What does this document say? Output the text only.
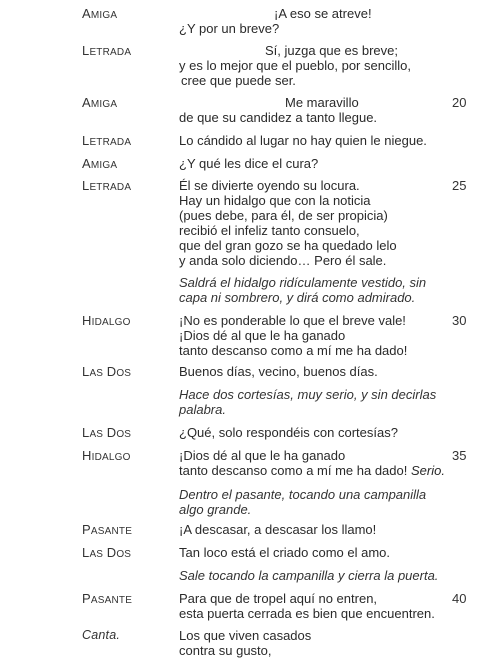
AMIGA	¡A eso se atreve!
¿Y por un breve?
LETRADA	Sí, juzga que es breve;
y es lo mejor que el pueblo, por sencillo,
cree que puede ser.
AMIGA	Me maravillo
de que su candidez a tanto llegue.
20
LETRADA	Lo cándido al lugar no hay quien le niegue.
AMIGA	¿Y qué les dice el cura?
LETRADA	Él se divierte oyendo su locura.
Hay un hidalgo que con la noticia
(pues debe, para él, de ser propicia)
recibió el infeliz tanto consuelo,
que del gran gozo se ha quedado lelo
y anda solo diciendo… Pero él sale.
25
Saldrá el hidalgo ridículamente vestido, sin
capa ni sombrero, y dirá como admirado.
HIDALGO	¡No es ponderable lo que el breve vale!
¡Dios dé al que le ha ganado
tanto descanso como a mí me ha dado!
30
LAS DOS	Buenos días, vecino, buenos días.
Hace dos cortesías, muy serio, y sin decirlas
palabra.
LAS DOS	¿Qué, solo respondéis con cortesías?
HIDALGO	¡Dios dé al que le ha ganado
tanto descanso como a mí me ha dado! Serio.
35
Dentro el pasante, tocando una campanilla
algo grande.
PASANTE	¡A descasar, a descasar los llamo!
LAS DOS	Tan loco está el criado como el amo.
Sale tocando la campanilla y cierra la puerta.
PASANTE	Para que de tropel aquí no entren,
esta puerta cerrada es bien que encuentren.
40
Canta.	Los que viven casados
contra su gusto,
